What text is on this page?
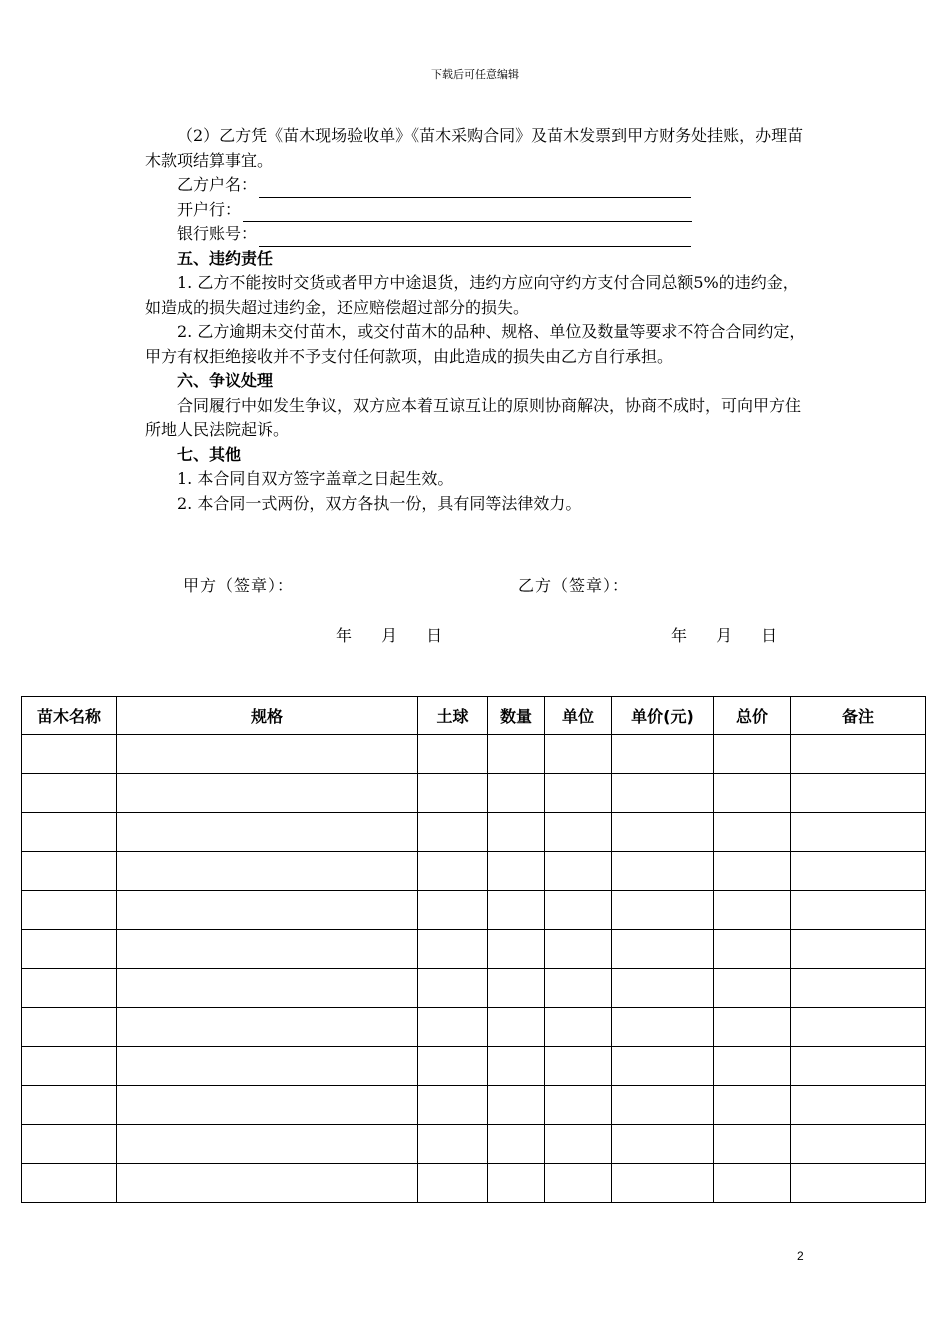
下载后可任意编辑

（2）乙方凭《苗木现场验收单》《苗木采购合同》及苗木发票到甲方财务处挂账，办理苗木款项结算事宜。

乙方户名：
开户行：
银行账号：

五、违约责任

1. 乙方不能按时交货或者甲方中途退货，违约方应向守约方支付合同总额5%的违约金，如造成的损失超过违约金，还应赔偿超过部分的损失。

2. 乙方逾期未交付苗木，或交付苗木的品种、规格、单位及数量等要求不符合合同约定，甲方有权拒绝接收并不予支付任何款项，由此造成的损失由乙方自行承担。

六、争议处理

合同履行中如发生争议，双方应本着互谅互让的原则协商解决，协商不成时，可向甲方住所地人民法院起诉。

七、其他

1. 本合同自双方签字盖章之日起生效。

2. 本合同一式两份，双方各执一份，具有同等法律效力。

甲方（签章）：	乙方（签章）：
年 月 日	年 月 日
苗木名称	规格	土球	数量	单位	单价(元)	总价	备注

2
